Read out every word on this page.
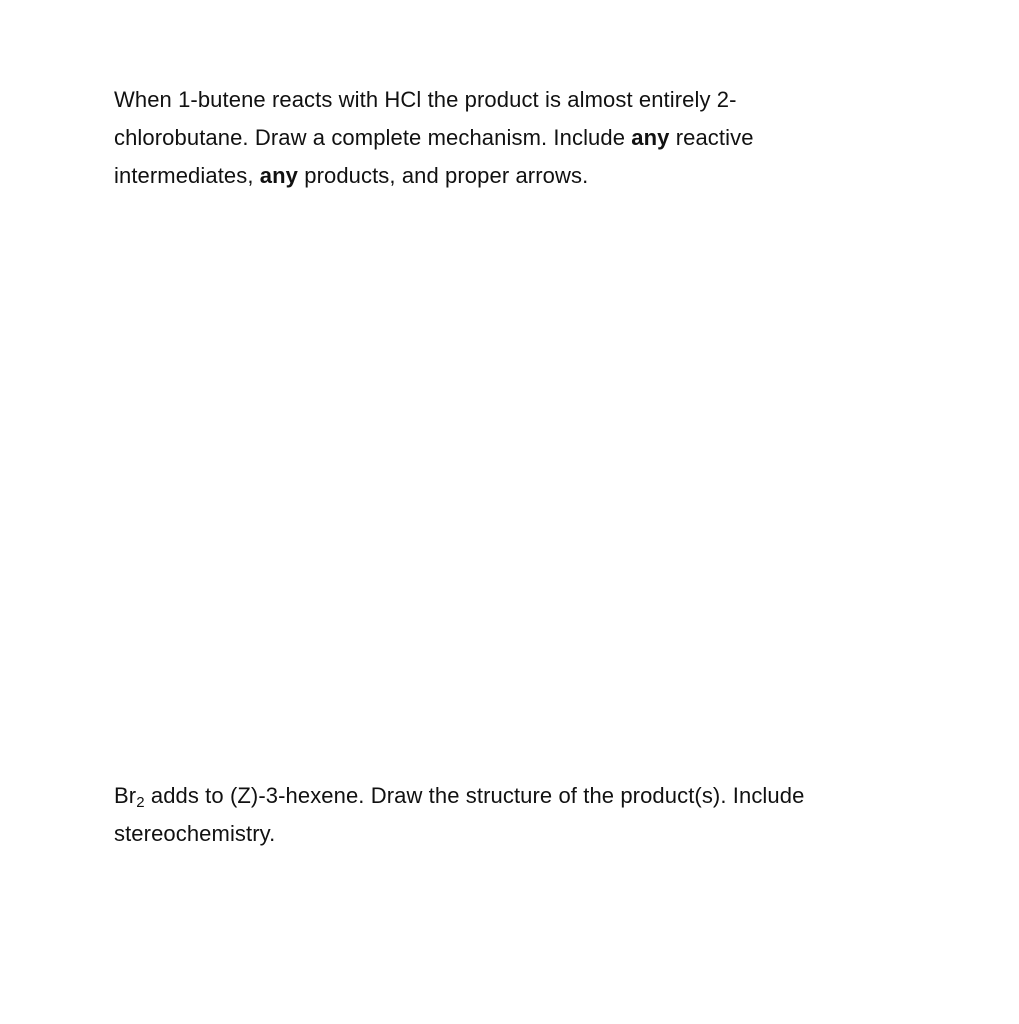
When 1-butene reacts with HCl the product is almost entirely 2-
chlorobutane. Draw a complete mechanism. Include any reactive
intermediates, any products, and proper arrows.
$Br_2$ adds to (Z)-3-hexene. Draw the structure of the product(s). Include
stereochemistry.
